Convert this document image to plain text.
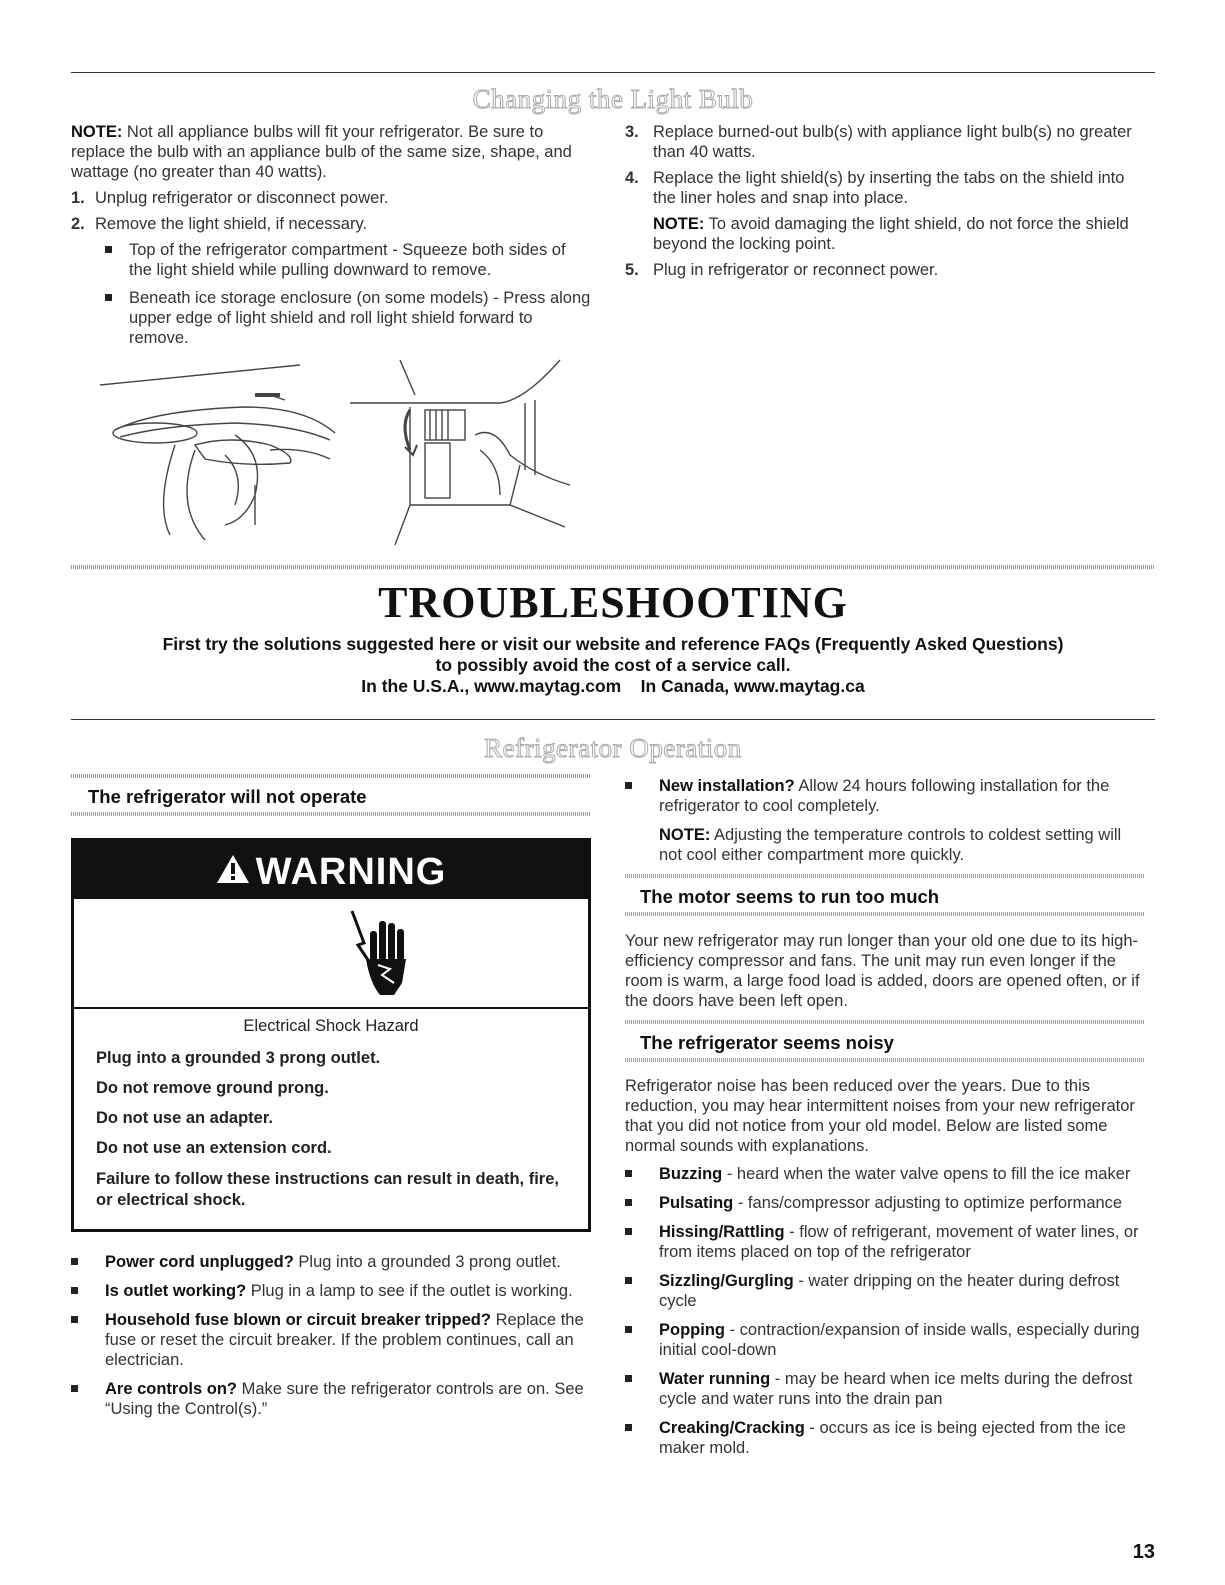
Changing the Light Bulb

NOTE: Not all appliance bulbs will fit your refrigerator. Be sure to replace the bulb with an appliance bulb of the same size, shape, and wattage (no greater than 40 watts).

1. Unplug refrigerator or disconnect power.
2. Remove the light shield, if necessary.
Top of the refrigerator compartment - Squeeze both sides of the light shield while pulling downward to remove.
Beneath ice storage enclosure (on some models) - Press along upper edge of light shield and roll light shield forward to remove.
3. Replace burned-out bulb(s) with appliance light bulb(s) no greater than 40 watts.
4. Replace the light shield(s) by inserting the tabs on the shield into the liner holes and snap into place.

NOTE: To avoid damaging the light shield, do not force the shield beyond the locking point.

5. Plug in refrigerator or reconnect power.
TROUBLESHOOTING
First try the solutions suggested here or visit our website and reference FAQs (Frequently Asked Questions)
to possibly avoid the cost of a service call.
In the U.S.A., www.maytag.com    In Canada, www.maytag.ca
Refrigerator Operation
The refrigerator will not operate
WARNING
Electrical Shock Hazard
Plug into a grounded 3 prong outlet.
Do not remove ground prong.
Do not use an adapter.
Do not use an extension cord.
Failure to follow these instructions can result in death, fire, or electrical shock.
Power cord unplugged? Plug into a grounded 3 prong outlet.
Is outlet working? Plug in a lamp to see if the outlet is working.
Household fuse blown or circuit breaker tripped? Replace the fuse or reset the circuit breaker. If the problem continues, call an electrician.
Are controls on? Make sure the refrigerator controls are on. See “Using the Control(s).”
New installation? Allow 24 hours following installation for the refrigerator to cool completely.

NOTE: Adjusting the temperature controls to coldest setting will not cool either compartment more quickly.

The motor seems to run too much
Your new refrigerator may run longer than your old one due to its high-efficiency compressor and fans. The unit may run even longer if the room is warm, a large food load is added, doors are opened often, or if the doors have been left open.
The refrigerator seems noisy

Refrigerator noise has been reduced over the years. Due to this reduction, you may hear intermittent noises from your new refrigerator that you did not notice from your old model. Below are listed some normal sounds with explanations.

Buzzing - heard when the water valve opens to fill the ice maker
Pulsating - fans/compressor adjusting to optimize performance
Hissing/Rattling - flow of refrigerant, movement of water lines, or from items placed on top of the refrigerator
Sizzling/Gurgling - water dripping on the heater during defrost cycle
Popping - contraction/expansion of inside walls, especially during initial cool-down
Water running - may be heard when ice melts during the defrost cycle and water runs into the drain pan
Creaking/Cracking - occurs as ice is being ejected from the ice maker mold.
13
